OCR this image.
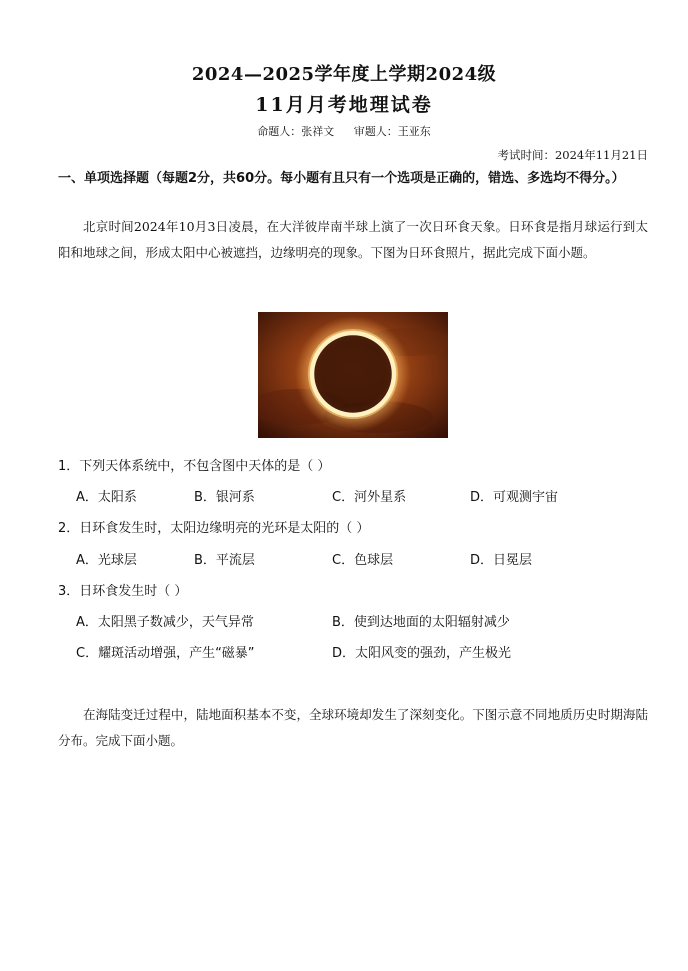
2024—2025学年度上学期2024级
11月月考地理试卷
命题人：张祥文 审题人：王亚东
考试时间：2024年11月21日
一、单项选择题（每题2分，共60分。每小题有且只有一个选项是正确的，错选、多选均不得分。）
北京时间2024年10月3日凌晨，在大洋彼岸南半球上演了一次日环食天象。日环食是指月球运行到太阳和地球之间，形成太阳中心被遮挡，边缘明亮的现象。下图为日环食照片，据此完成下面小题。
1．下列天体系统中，不包含图中天体的是（ ）
A．太阳系	B．银河系	C．河外星系	D．可观测宇宙
2．日环食发生时，太阳边缘明亮的光环是太阳的（ ）
A．光球层	B．平流层	C．色球层	D．日冕层
3．日环食发生时（ ）
A．太阳黑子数减少，天气异常	B．使到达地面的太阳辐射减少
C．耀斑活动增强，产生“磁暴”	D．太阳风变的强劲，产生极光
在海陆变迁过程中，陆地面积基本不变，全球环境却发生了深刻变化。下图示意不同地质历史时期海陆分布。完成下面小题。
